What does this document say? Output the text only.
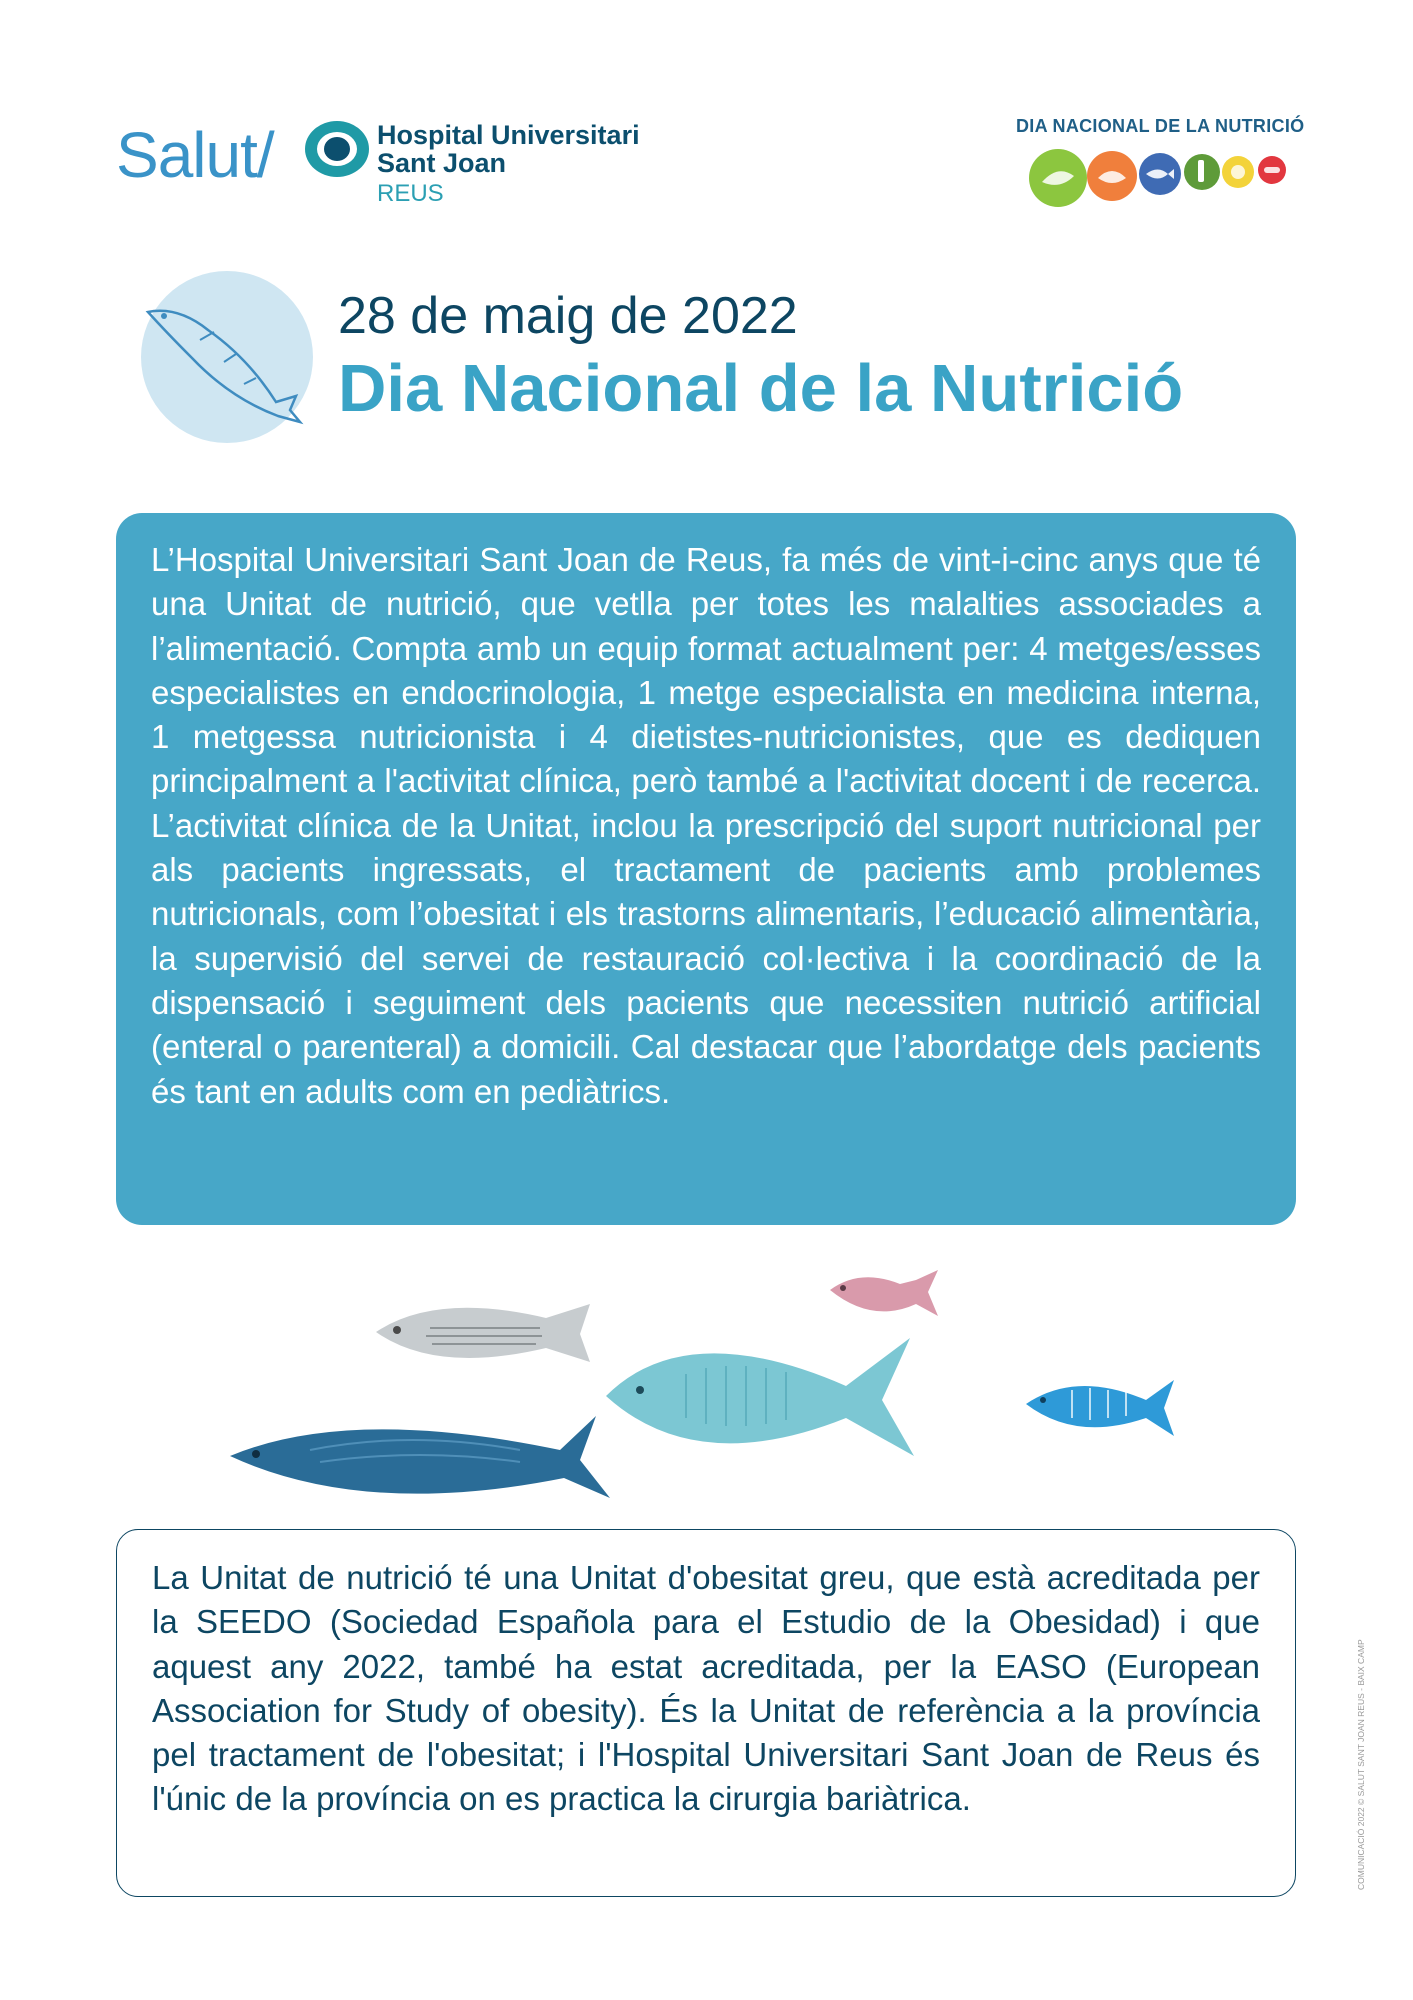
Salut/	Hospital Universitari
Sant Joan
REUS
DIA NACIONAL DE LA NUTRICIÓ
28 de maig de 2022
Dia Nacional de la Nutrició

L’Hospital Universitari Sant Joan de Reus, fa més de vint-i-cinc anys que té una Unitat de nutrició, que vetlla per totes les malalties associades a l’alimentació. Compta amb un equip format actualment per: 4 metges/esses especialistes en endocrinologia, 1 metge especialista en medicina interna, 1 metgessa nutricionista i 4 dietistes-nutricionistes, que es dediquen principalment a l'activitat clínica, però també a l'activitat docent i de recerca. L’activitat clínica de la Unitat, inclou la prescripció del suport nutricional per als pacients ingressats, el tractament de pacients amb problemes nutricionals, com l’obesitat i els trastorns alimentaris, l’educació alimentària, la supervisió del servei de restauració col·lectiva i la coordinació de la dispensació i seguiment dels pacients que necessiten nutrició artificial (enteral o parenteral) a domicili. Cal destacar que l’abordatge dels pacients és tant en adults com en pediàtrics.

La Unitat de nutrició té una Unitat d'obesitat greu, que està acreditada per la SEEDO (Sociedad Española para el Estudio de la Obesidad) i que aquest any 2022, també ha estat acreditada, per la EASO (European Association for Study of obesity). És la Unitat de referència a la província pel tractament de l'obesitat; i l'Hospital Universitari Sant Joan de Reus és l'únic de la província on es practica la cirurgia bariàtrica.	COMUNICACIÓ 2022 © SALUT SANT JOAN REUS - BAIX CAMP
